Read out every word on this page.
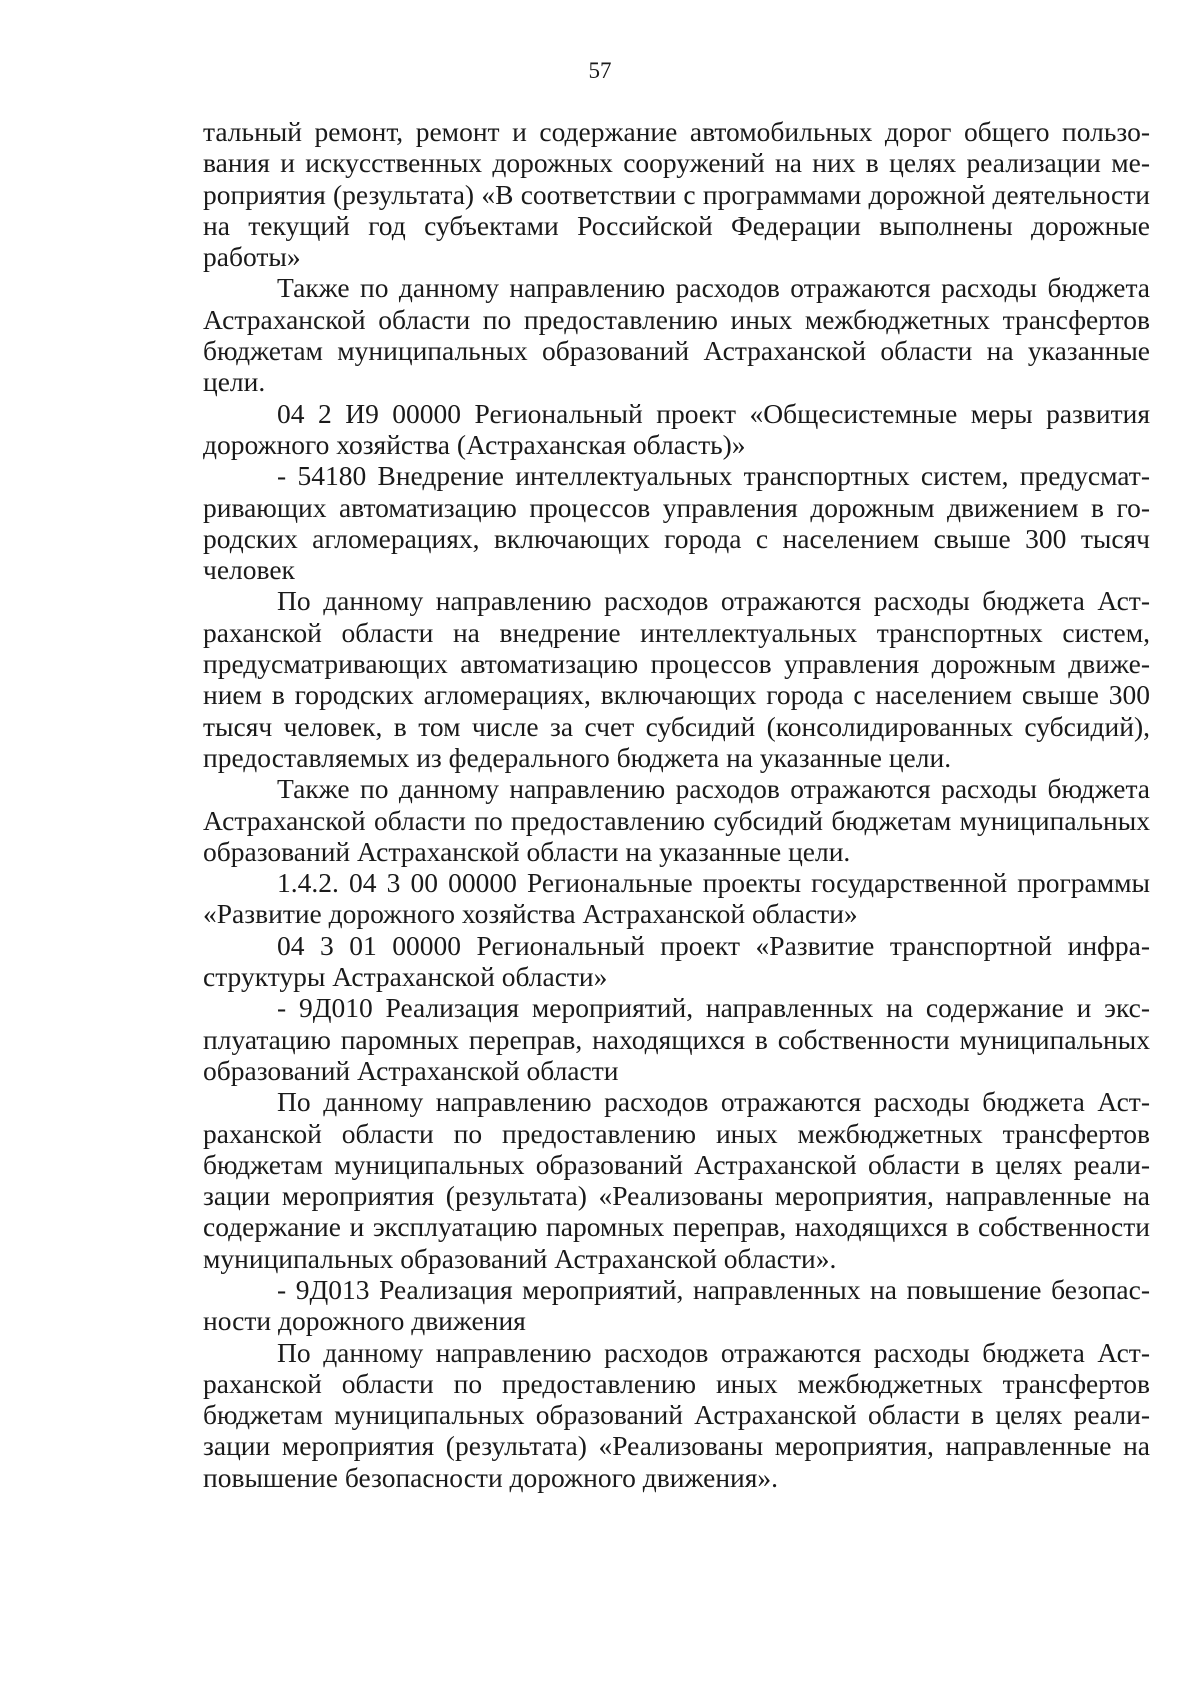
57

тальный ремонт, ремонт и содержание автомобильных дорог общего пользования и искусственных дорожных сооружений на них в целях реализации мероприятия (результата) «В соответствии с программами дорожной деятельности на текущий год субъектами Российской Федерации выполнены дорожные работы»

Также по данному направлению расходов отражаются расходы бюджета Астраханской области по предоставлению иных межбюджетных трансфертов бюджетам муниципальных образований Астраханской области на указанные цели.

04 2 И9 00000 Региональный проект «Общесистемные меры развития дорожного хозяйства (Астраханская область)»

- 54180 Внедрение интеллектуальных транспортных систем, предусматривающих автоматизацию процессов управления дорожным движением в городских агломерациях, включающих города с населением свыше 300 тысяч человек

По данному направлению расходов отражаются расходы бюджета Астраханской области на внедрение интеллектуальных транспортных систем, предусматривающих автоматизацию процессов управления дорожным движением в городских агломерациях, включающих города с населением свыше 300 тысяч человек, в том числе за счет субсидий (консолидированных субсидий), предоставляемых из федерального бюджета на указанные цели.

Также по данному направлению расходов отражаются расходы бюджета Астраханской области по предоставлению субсидий бюджетам муниципальных образований Астраханской области на указанные цели.

1.4.2. 04 3 00 00000 Региональные проекты государственной программы «Развитие дорожного хозяйства Астраханской области»

04 3 01 00000 Региональный проект «Развитие транспортной инфраструктуры Астраханской области»

- 9Д010 Реализация мероприятий, направленных на содержание и эксплуатацию паромных переправ, находящихся в собственности муниципальных образований Астраханской области

По данному направлению расходов отражаются расходы бюджета Астраханской области по предоставлению иных межбюджетных трансфертов бюджетам муниципальных образований Астраханской области в целях реализации мероприятия (результата) «Реализованы мероприятия, направленные на содержание и эксплуатацию паромных переправ, находящихся в собственности муниципальных образований Астраханской области».

- 9Д013 Реализация мероприятий, направленных на повышение безопасности дорожного движения

По данному направлению расходов отражаются расходы бюджета Астраханской области по предоставлению иных межбюджетных трансфертов бюджетам муниципальных образований Астраханской области в целях реализации мероприятия (результата) «Реализованы мероприятия, направленные на повышение безопасности дорожного движения».
